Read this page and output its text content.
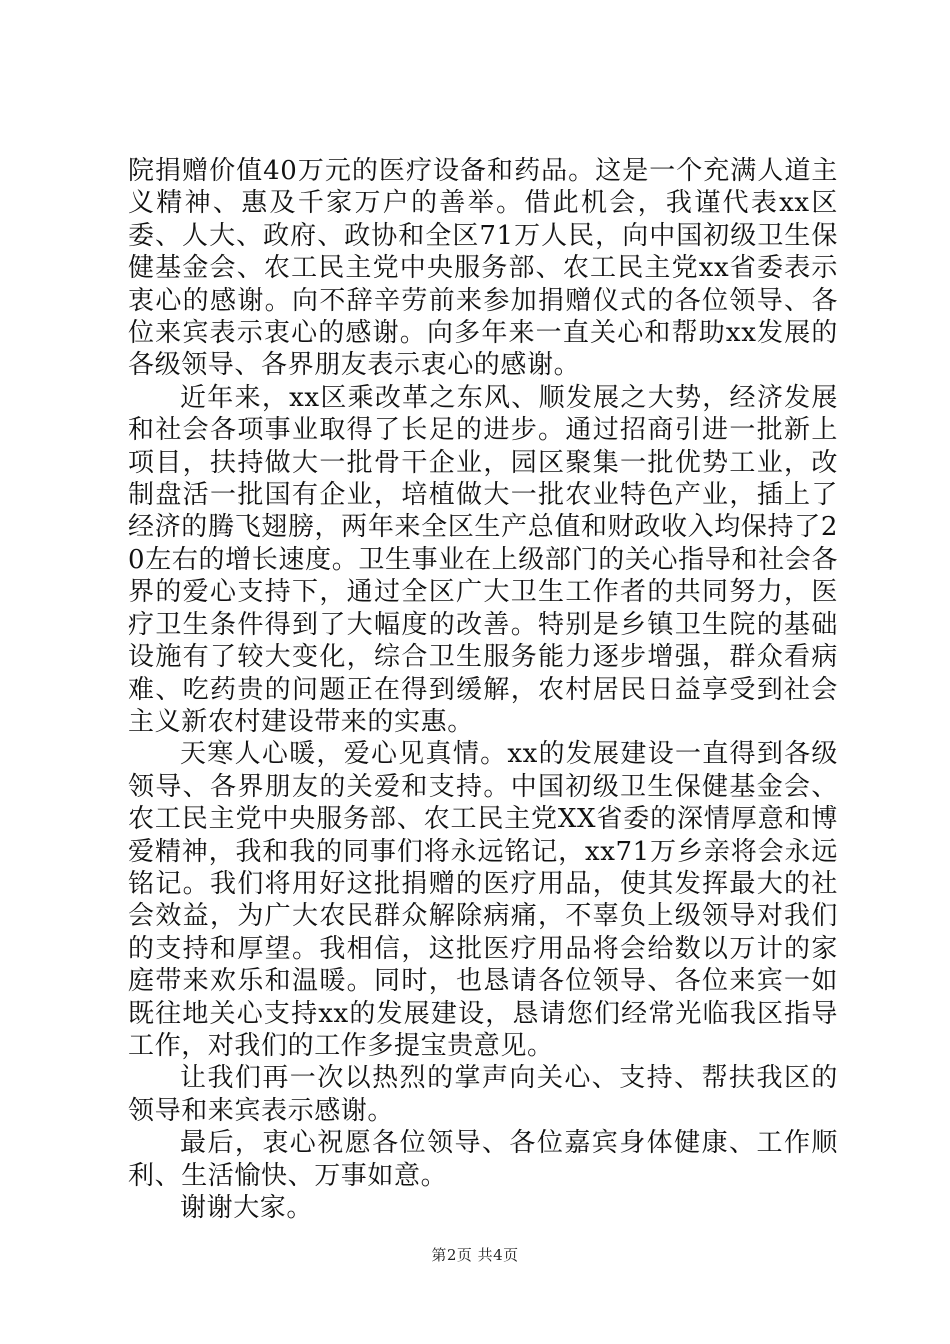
院捐赠价值40万元的医疗设备和药品。这是一个充满人道主义精神、惠及千家万户的善举。借此机会，我谨代表xx区委、人大、政府、政协和全区71万人民，向中国初级卫生保健基金会、农工民主党中央服务部、农工民主党xx省委表示衷心的感谢。向不辞辛劳前来参加捐赠仪式的各位领导、各位来宾表示衷心的感谢。向多年来一直关心和帮助xx发展的各级领导、各界朋友表示衷心的感谢。

近年来，xx区乘改革之东风、顺发展之大势，经济发展和社会各项事业取得了长足的进步。通过招商引进一批新上项目，扶持做大一批骨干企业，园区聚集一批优势工业，改制盘活一批国有企业，培植做大一批农业特色产业，插上了经济的腾飞翅膀，两年来全区生产总值和财政收入均保持了20左右的增长速度。卫生事业在上级部门的关心指导和社会各界的爱心支持下，通过全区广大卫生工作者的共同努力，医疗卫生条件得到了大幅度的改善。特别是乡镇卫生院的基础设施有了较大变化，综合卫生服务能力逐步增强，群众看病难、吃药贵的问题正在得到缓解，农村居民日益享受到社会主义新农村建设带来的实惠。

天寒人心暖，爱心见真情。xx的发展建设一直得到各级领导、各界朋友的关爱和支持。中国初级卫生保健基金会、农工民主党中央服务部、农工民主党XX省委的深情厚意和博爱精神，我和我的同事们将永远铭记，xx71万乡亲将会永远铭记。我们将用好这批捐赠的医疗用品，使其发挥最大的社会效益，为广大农民群众解除病痛，不辜负上级领导对我们的支持和厚望。我相信，这批医疗用品将会给数以万计的家庭带来欢乐和温暖。同时，也恳请各位领导、各位来宾一如既往地关心支持xx的发展建设，恳请您们经常光临我区指导工作，对我们的工作多提宝贵意见。

让我们再一次以热烈的掌声向关心、支持、帮扶我区的领导和来宾表示感谢。

最后，衷心祝愿各位领导、各位嘉宾身体健康、工作顺利、生活愉快、万事如意。

谢谢大家。

第2页 共4页
